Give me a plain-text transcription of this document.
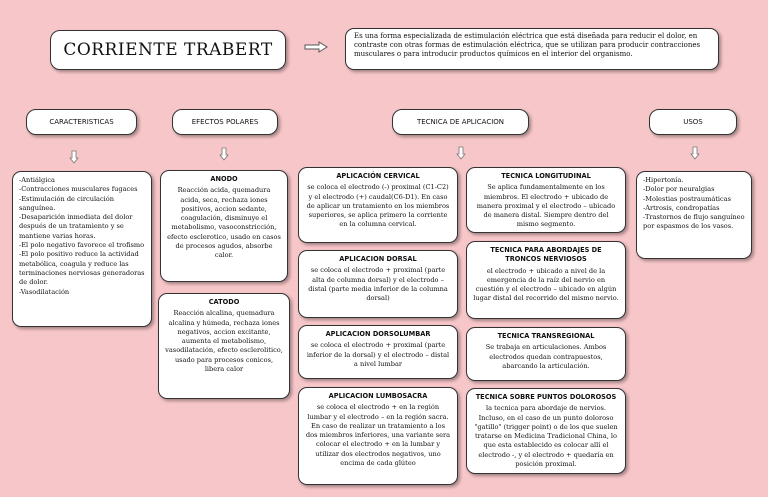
CORRIENTE TRABERT
Es una forma especializada de estimulación eléctrica que está diseñada para reducir el dolor, en contraste con otras formas de estimulación eléctrica, que se utilizan para producir contracciones musculares o para introducir productos químicos en el interior del organismo.
CARACTERISTICAS	EFECTOS POLARES	TECNICA DE APLICACION	USOS
-Antiálgica
-Contracciones musculares fugaces
-Estimulación de circulación sanguínea.
-Desaparición inmediata del dolor después de un tratamiento y se mantiene varias horas.
-El polo negativo favorece el trofismo
-El polo positivo reduce la actividad metabólica, coagula y reduce las terminaciones nerviosas generadoras de dolor.
-Vasodilatación
ANODO
Reacción acida, quemadura acida, seca, rechaza iones positivos, accion sedante, coagulación, disminuye el metabolismo, vasoconstricción, efecto esclerotico, usado en casos de procesos agudos, absorbe calor.
CATODO
Reacción alcalina, quemadura alcalina y húmeda, rechaza iones negativos, accion excitante, aumenta el metabolismo, vasodilatación, efecto esclerolitico, usado para procesos conicos, libera calor
APLICACIÓN CERVICAL
se coloca el electrodo (-) proximal (C1-C2) y el electrodo (+) caudal(C6-D1). En caso de aplicar un tratamiento en los miembros superiores, se aplica primero la corriente en la columna cervical.
APLICACION DORSAL
se coloca el electrodo + proximal (parte alta de columna dorsal) y el electrodo – distal (parte media inferior de la columna dorsal)
APLICACION DORSOLUMBAR
se coloca el electrodo + proximal (parte inferior de la dorsal) y el electrodo – distal a nivel lumbar
APLICACION LUMBOSACRA
se coloca el electrodo + en la región lumbar y el electrodo – en la región sacra. En caso de realizar un tratamiento a los dos miembros inferiores, una variante sera colocar el electrodo + en la lumbar y utilizar dos electrodos negativos, uno encima de cada glúteo
TECNICA LONGITUDINAL
Se aplica fundamentalmente en los miembros. El electrodo + ubicado de manera proximal y el electrodo – ubicado de manera distal. Siempre dentro del mismo segmento.
TECNICA PARA ABORDAJES DE TRONCOS NERVIOSOS
el electrodo + ubicado a nivel de la emergencia de la raíz del nervio en cuestión y el electrodo – ubicado en algún lugar distal del recorrido del mismo nervio.
TECNICA TRANSREGIONAL
Se trabaja en articulaciones. Ambos electrodos quedan contrapuestos, abarcando la articulación.
TECNICA SOBRE PUNTOS DOLOROSOS
la tecnica para abordaje de nervios. Incluso, en el caso de un punto doloroso "gatillo" (trigger point) o de los que suelen tratarse en Medicina Tradicional China, lo que esta establecido es colocar allí el electrodo -, y el electrodo + quedaría en posición proximal.
-Hipertonía.
-Dolor por neuralgias
-Molestias postraumáticas
-Artrosis, condropatías
-Trastornos de flujo sanguíneo por espasmos de los vasos.
